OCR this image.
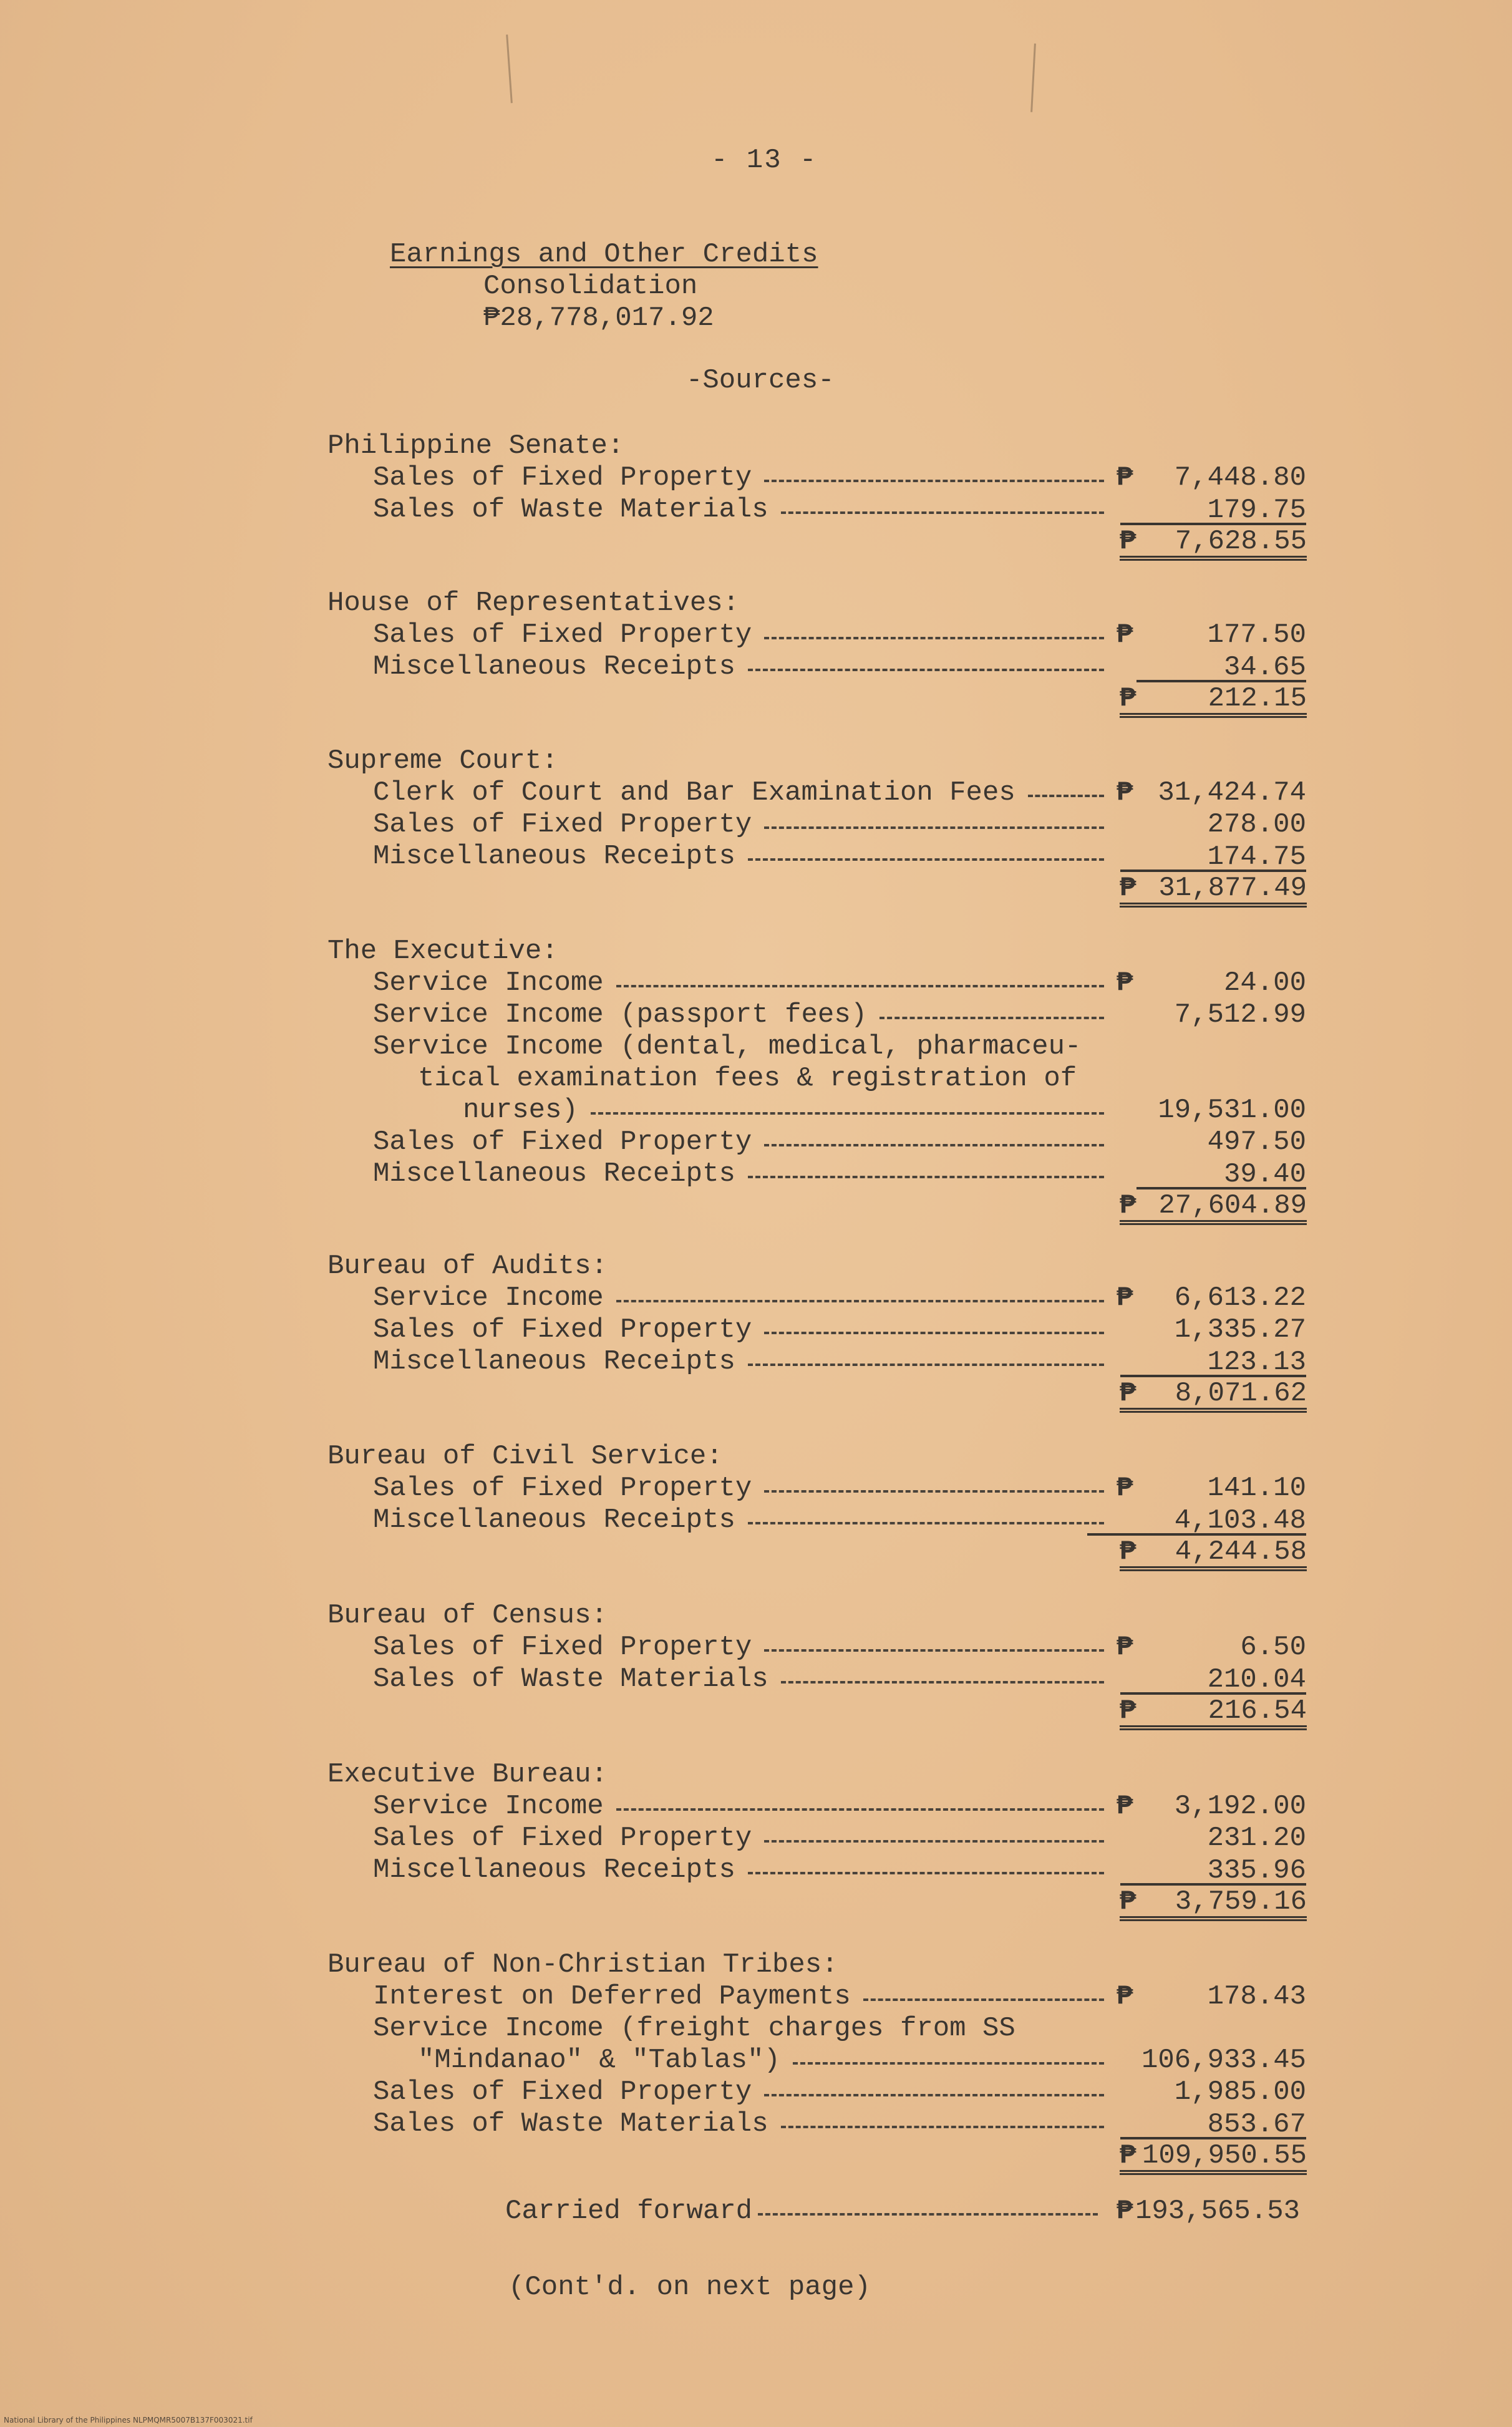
- 13 -
Earnings and Other Credits
Consolidation
₱28,778,017.92
-Sources-
Philippine Senate:
Sales of Fixed Property	₱ 7,448.80
Sales of Waste Materials	179.75
₱ 7,628.55
House of Representatives:
Sales of Fixed Property	₱	177.50
Miscellaneous Receipts	34.65
₱	212.15
Supreme Court:
Clerk of Court and Bar Examination Fees	₱ 31,424.74
Sales of Fixed Property	278.00
Miscellaneous Receipts	174.75
₱ 31,877.49
The Executive:
Service Income	₱	24.00
Service Income (passport fees)	7,512.99
Service Income (dental, medical, pharmaceu-
tical examination fees & registration of
nurses)	19,531.00
Sales of Fixed Property	497.50
Miscellaneous Receipts	39.40
₱ 27,604.89
Bureau of Audits:
Service Income	₱ 6,613.22
Sales of Fixed Property	1,335.27
Miscellaneous Receipts	123.13
₱ 8,071.62
Bureau of Civil Service:
Sales of Fixed Property	₱	141.10
Miscellaneous Receipts	4,103.48
₱ 4,244.58
Bureau of Census:
Sales of Fixed Property	₱	6.50
Sales of Waste Materials	210.04
₱	216.54
Executive Bureau:
Service Income	₱ 3,192.00
Sales of Fixed Property	231.20
Miscellaneous Receipts	335.96
₱ 3,759.16
Bureau of Non-Christian Tribes:
Interest on Deferred Payments	₱	178.43
Service Income (freight charges from SS
"Mindanao" & "Tablas")	106,933.45
Sales of Fixed Property	1,985.00
Sales of Waste Materials	853.67
₱ 109,950.55
Carried forward	₱ 193,565.53
(Cont'd. on next page)
National Library of the Philippines NLPMQMR5007B137F003021.tif
